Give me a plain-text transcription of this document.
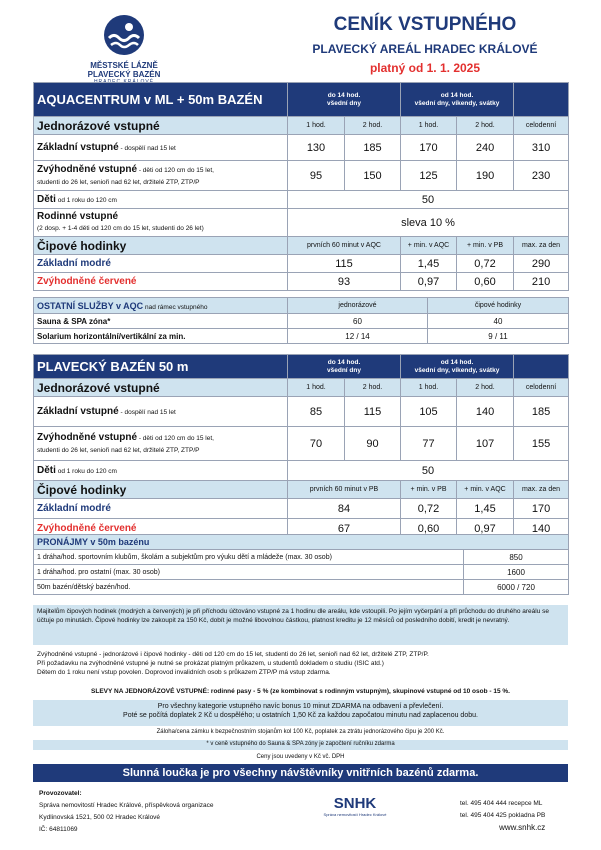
MĚSTSKÉ LÁZNĚ
PLAVECKÝ BAZÉN
CENÍK VSTUPNÉHO
PLAVECKÝ AREÁL HRADEC KRÁLOVÉ
platný od 1. 1. 2025
AQUACENTRUM v ML + 50m BAZÉN	do 14 hod.
všední dny		od 14 hod.
všední dny, víkendy, svátky		
Jednorázové vstupné	1 hod.	2 hod.	1 hod.	2 hod.	celodenní
Základní vstupné - dospělí nad 15 let	130	185	170	240	310
Zvýhodněné vstupné - děti od 120 cm do 15 let,
studenti do 26 let, senioři nad 62 let, držitelé ZTP, ZTP/P	95	150	125	190	230
Děti od 1 roku do 120 cm	50				
Rodinné vstupné
(2 dosp. + 1-4 děti od 120 cm do 15 let, studenti do 26 let)	sleva 10 %				
Čipové hodinky	prvních 60 minut v AQC		+ min. v AQC	+ min. v PB	max. za den
Základní modré	115		1,45	0,72	290
Zvýhodněné červené	93		0,97	0,60	210
OSTATNÍ SLUŽBY v AQC nad rámec vstupného	jednorázové	čipové hodinky
Sauna & SPA zóna*	60	40
Solarium horizontální/vertikální za min.	12 / 14	9 / 11
PLAVECKÝ BAZÉN 50 m	do 14 hod.
všední dny		od 14 hod.
všední dny, víkendy, svátky		
Jednorázové vstupné	1 hod.	2 hod.	1 hod.	2 hod.	celodenní
Základní vstupné - dospělí nad 15 let	85	115	105	140	185
Zvýhodněné vstupné - děti od 120 cm do 15 let,
studenti do 26 let, senioři nad 62 let, držitelé ZTP, ZTP/P	70	90	77	107	155
Děti od 1 roku do 120 cm	50				
Čipové hodinky	prvních 60 minut v PB		+ min. v PB	+ min. v AQC	max. za den
Základní modré	84		0,72	1,45	170
Zvýhodněné červené	67		0,60	0,97	140
PRONÁJMY v 50m bazénu	
1 dráha/hod. sportovním klubům, školám a subjektům pro výuku dětí a mládeže (max. 30 osob)	850
1 dráha/hod. pro ostatní (max. 30 osob)	1600
50m bazén/dětský bazén/hod.	6000 / 720
Majitelům čipových hodinek (modrých a červených) je při příchodu účtováno vstupné za 1 hodinu dle areálu, kde vstoupili. Po jejím vyčerpání a při průchodu do druhého areálu se účtuje po minutách. Čipové hodinky lze zakoupit za 150 Kč, dobít je možné libovolnou částkou, platnost kreditu je 12 měsíců od posledního dobití, kredit je nevratný.
Zvýhodněné vstupné - jednorázové i čipové hodinky - děti od 120 cm do 15 let, studenti do 26 let, senioři nad 62 let, držitelé ZTP, ZTP/P.
Při požadavku na zvýhodněné vstupné je nutné se prokázat platným průkazem, u studentů dokladem o studiu (ISIC atd.)
Dětem do 1 roku není vstup povolen. Doprovod invalidních osob s průkazem ZTP/P má vstup zdarma.
SLEVY NA JEDNORÁZOVÉ VSTUPNÉ: rodinné pasy - 5 % (ze kombinovat s rodinným vstupným), skupinové vstupné od 10 osob - 15 %.
Pro všechny kategorie vstupného navíc bonus 10 minut ZDARMA na odbavení a převlečení.
Poté se počítá doplatek 2 Kč u dospělého; u ostatních 1,50 Kč za každou započatou minutu nad zaplacenou dobu.
Záloha/cena zámku k bezpečnostním stojanům kol 100 Kč, poplatek za ztrátu jednorázového čipu je 200 Kč.
* v ceně vstupného do Sauna & SPA zóny je započtení ručníku zdarma
Ceny jsou uvedeny v Kč vč. DPH
Slunná loučka je pro všechny návštěvníky vnitřních bazénů zdarma.
Provozovatel:
Správa nemovitostí Hradec Králové, příspěvková organizace
Kydlinovská 1521, 500 02 Hradec Králové
IČ: 64811069
SNHK
Správa nemovitostí Hradec Králové
tel. 495 404 444 recepce ML
tel. 495 404 425 pokladna PB
www.snhk.cz
